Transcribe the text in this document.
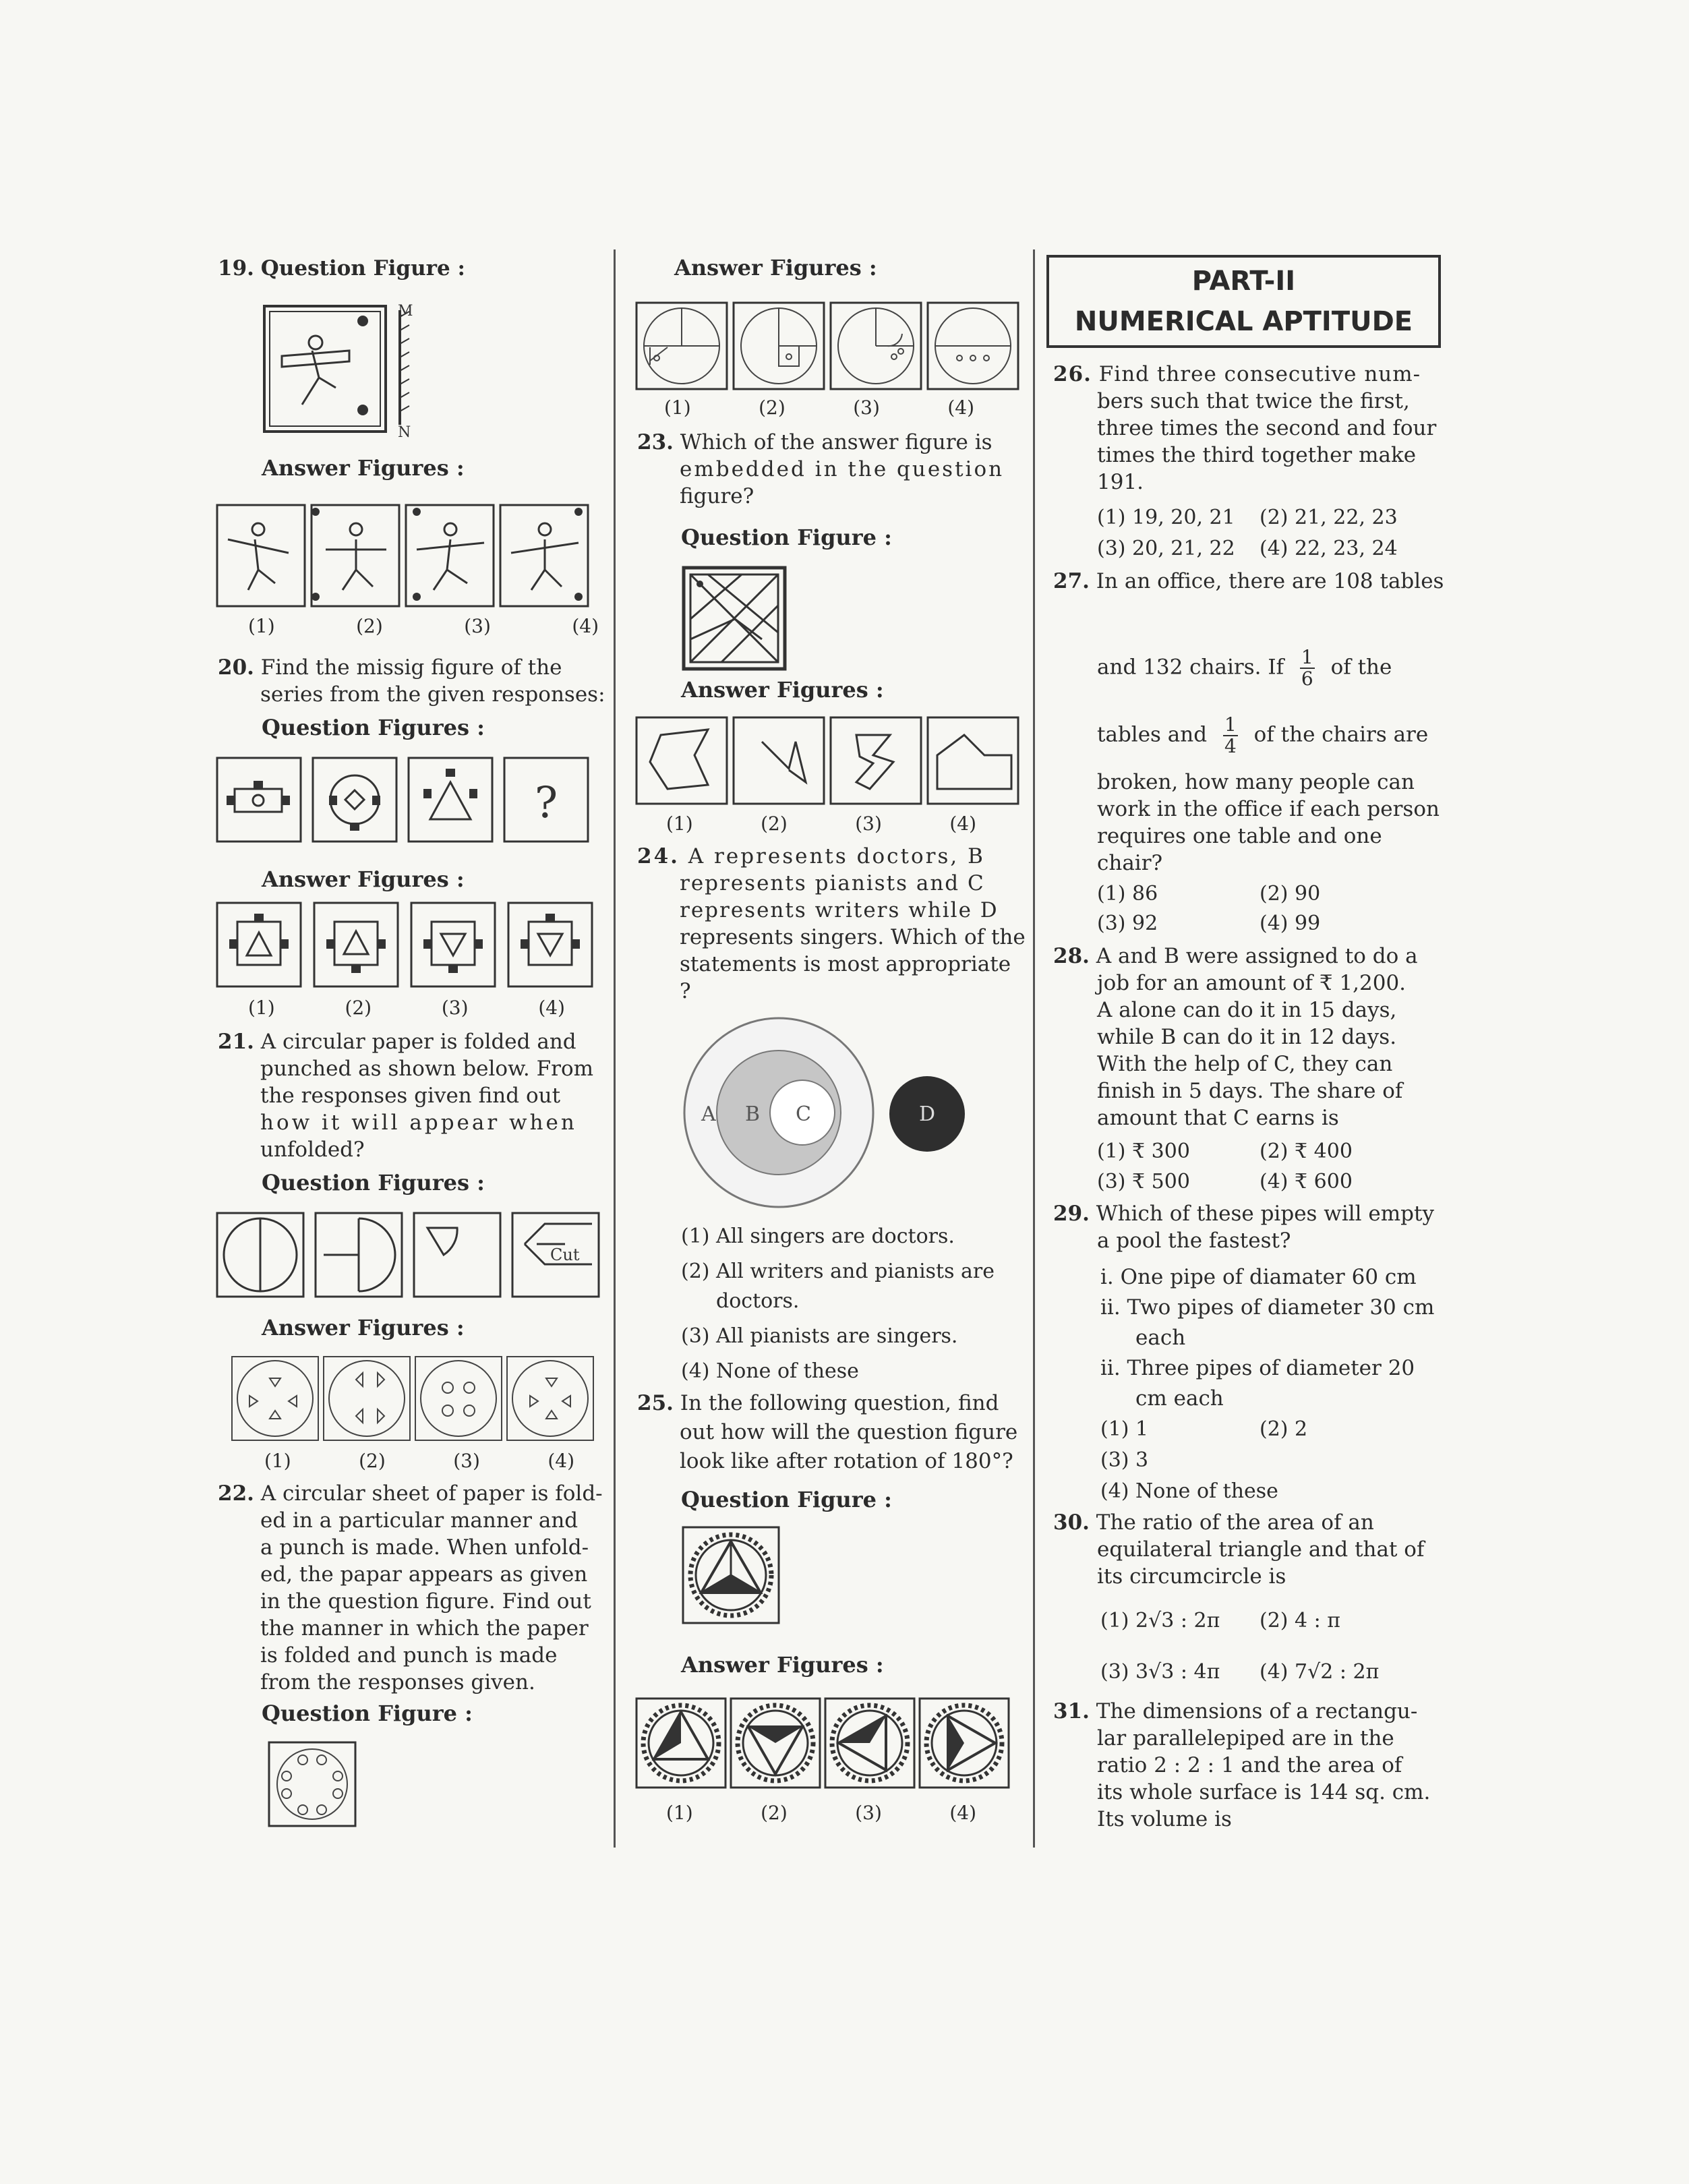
19. Question Figure :
M
N
Answer Figures :
(1)	(2)	(3)	(4)
20. Find the missig figure of the
series from the given responses:
Question Figures :
?
Answer Figures :
(1)	(2)	(3)	(4)
21. A circular paper is folded and
punched as shown below. From
the responses given find out
how it will appear when
unfolded?
Question Figures :
Cut
Answer Figures :
(1)	(2)	(3)	(4)
22. A circular sheet of paper is fold-
ed in a particular manner and
a punch is made. When unfold-
ed, the papar appears as given
in the question figure. Find out
the manner in which the paper
is folded and punch is made
from the responses given.
Question Figure :
Answer Figures :
(1)	(2)	(3)	(4)
23. Which of the answer figure is
embedded in the question
figure?
Question Figure :
Answer Figures :
(1)	(2)	(3)	(4)
24. A represents doctors, B
represents pianists and C
represents writers while D
represents singers. Which of the
statements is most appropriate ?
A B C	D
(1) All singers are doctors.
(2) All writers and pianists are
doctors.
(3) All pianists are singers.
(4) None of these
25. In the following question, find
out how will the question figure
look like after rotation of 180°?
Question Figure :
Answer Figures :
(1)	(2)	(3)	(4)
PART-II
NUMERICAL APTITUDE
26. Find three consecutive num-
bers such that twice the first,
three times the second and four
times the third together make
191.
(1) 19, 20, 21 (2) 21, 22, 23
(3) 20, 21, 22 (4) 22, 23, 24
27. In an office, there are 108 tables
and 132 chairs. If $\frac{1}{6}$ of the
tables and $\frac{1}{4}$ of the chairs are
broken, how many people can
work in the office if each person
requires one table and one
chair?
(1) 86	(2) 90
(3) 92	(4) 99
28. A and B were assigned to do a
job for an amount of ₹ 1,200.
A alone can do it in 15 days,
while B can do it in 12 days.
With the help of C, they can
finish in 5 days. The share of
amount that C earns is
(1) ₹ 300	(2) ₹ 400
(3) ₹ 500	(4) ₹ 600
29. Which of these pipes will empty
a pool the fastest?
i. One pipe of diamater 60 cm
ii. Two pipes of diameter 30 cm
each
ii. Three pipes of diameter 20
cm each
(1) 1	(2) 2
(3) 3
(4) None of these
30. The ratio of the area of an
equilateral triangle and that of
its circumcircle is
(1) 2√3 : 2π (2) 4 : π
(3) 3√3 : 4π (4) 7√2 : 2π
31. The dimensions of a rectangu-
lar parallelepiped are in the
ratio 2 : 2 : 1 and the area of
its whole surface is 144 sq. cm.
Its volume is
